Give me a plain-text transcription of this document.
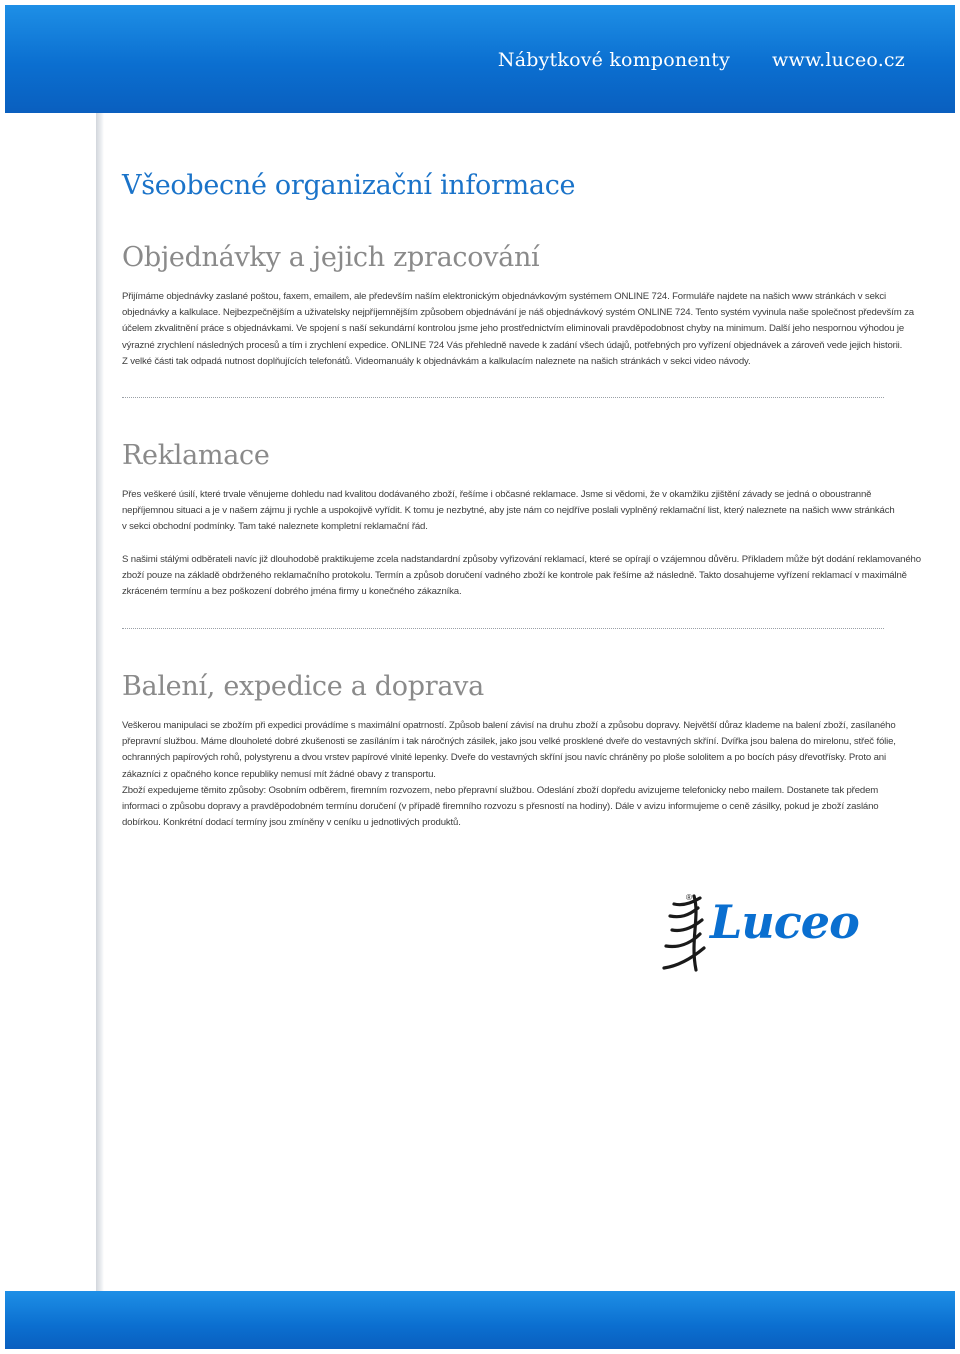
Nábytkové komponenty www.luceo.cz
Všeobecné organizační informace
Objednávky a jejich zpracování
Přijímáme objednávky zaslané poštou, faxem, emailem, ale především naším elektronickým objednávkovým systémem ONLINE 724. Formuláře najdete na našich www stránkách v sekci
objednávky a kalkulace. Nejbezpečnějším a uživatelsky nejpříjemnějším způsobem objednávání je náš objednávkový systém ONLINE 724. Tento systém vyvinula naše společnost především za
účelem zkvalitnění práce s objednávkami. Ve spojení s naší sekundární kontrolou jsme jeho prostřednictvím eliminovali pravděpodobnost chyby na minimum. Další jeho nespornou výhodou je
výrazné zrychlení následných procesů a tím i zrychlení expedice. ONLINE 724 Vás přehledně navede k zadání všech údajů, potřebných pro vyřízení objednávek a zároveň vede jejich historii.
Z velké části tak odpadá nutnost doplňujících telefonátů. Videomanuály k objednávkám a kalkulacím naleznete na našich stránkách v sekci video návody.
Reklamace
Přes veškeré úsilí, které trvale věnujeme dohledu nad kvalitou dodávaného zboží, řešíme i občasné reklamace. Jsme si vědomi, že v okamžiku zjištění závady se jedná o oboustranně
nepříjemnou situaci a je v našem zájmu ji rychle a uspokojivě vyřídit. K tomu je nezbytné, aby jste nám co nejdříve poslali vyplněný reklamační list, který naleznete na našich www stránkách
v sekci obchodní podmínky. Tam také naleznete kompletní reklamační řád.
S našimi stálými odběrateli navíc již dlouhodobě praktikujeme zcela nadstandardní způsoby vyřizování reklamací, které se opírají o vzájemnou důvěru. Příkladem může být dodání reklamovaného
zboží pouze na základě obdrženého reklamačního protokolu. Termín a způsob doručení vadného zboží ke kontrole pak řešíme až následně. Takto dosahujeme vyřízení reklamací v maximálně
zkráceném termínu a bez poškození dobrého jména firmy u konečného zákazníka.
Balení, expedice a doprava
Veškerou manipulaci se zbožím při expedici provádíme s maximální opatrností. Způsob balení závisí na druhu zboží a způsobu dopravy. Největší důraz klademe na balení zboží, zasílaného
přepravní službou. Máme dlouholeté dobré zkušenosti se zasíláním i tak náročných zásilek, jako jsou velké prosklené dveře do vestavných skříní. Dvířka jsou balena do mirelonu, střeč fólie,
ochranných papírových rohů, polystyrenu a dvou vrstev papírové vlnité lepenky. Dveře do vestavných skříní jsou navíc chráněny po ploše sololitem a po bocích pásy dřevotřísky. Proto ani
zákazníci z opačného konce republiky nemusí mít žádné obavy z transportu.
Zboží expedujeme těmito způsoby: Osobním odběrem, firemním rozvozem, nebo přepravní službou. Odeslání zboží dopředu avizujeme telefonicky nebo mailem. Dostanete tak předem
informaci o způsobu dopravy a pravděpodobném termínu doručení (v případě firemního rozvozu s přesností na hodiny). Dále v avizu informujeme o ceně zásilky, pokud je zboží zasláno
dobírkou. Konkrétní dodací termíny jsou zmíněny v ceníku u jednotlivých produktů.
® Luceo
